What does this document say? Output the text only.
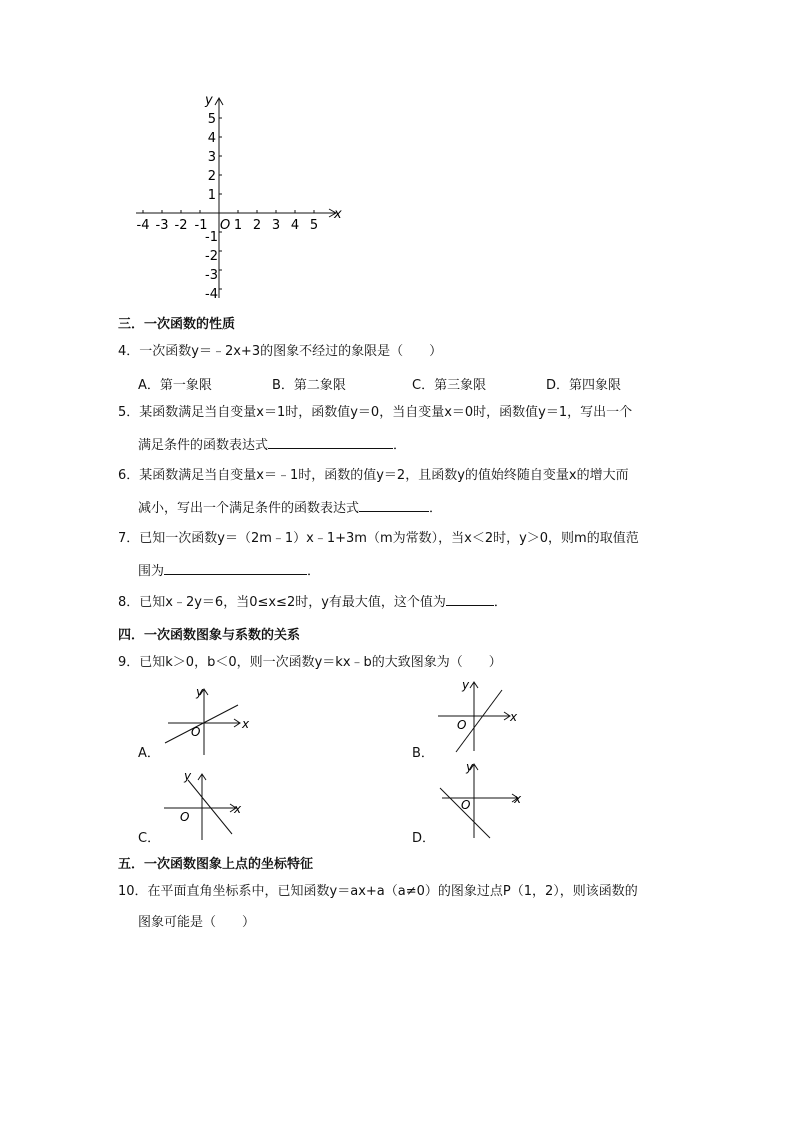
y
x
O
-4 -3 -2 -1 1 2 3 4 5
5
4
3
2
1
-1
-2
-3
-4
三．一次函数的性质
4．一次函数y＝﹣2x+3的图象不经过的象限是（　　）
A．第一象限	B．第二象限	C．第三象限	D．第四象限
5．某函数满足当自变量x＝1时，函数值y＝0，当自变量x＝0时，函数值y＝1，写出一个
满足条件的函数表达式	．
6．某函数满足当自变量x＝﹣1时，函数的值y＝2，且函数y的值始终随自变量x的增大而
减小，写出一个满足条件的函数表达式	．
7．已知一次函数y＝（2m﹣1）x﹣1+3m（m为常数），当x＜2时，y＞0，则m的取值范
围为	．
8．已知x﹣2y＝6，当0≤x≤2时，y有最大值，这个值为	．
四．一次函数图象与系数的关系
9．已知k＞0，b＜0，则一次函数y＝kx﹣b的大致图象为（　　）
A．
y
x
O
B．
y
x
O
C．
y
x
O
D．
y
x
O
五．一次函数图象上点的坐标特征
10．在平面直角坐标系中，已知函数y＝ax+a（a≠0）的图象过点P（1，2），则该函数的
图象可能是（　　）
